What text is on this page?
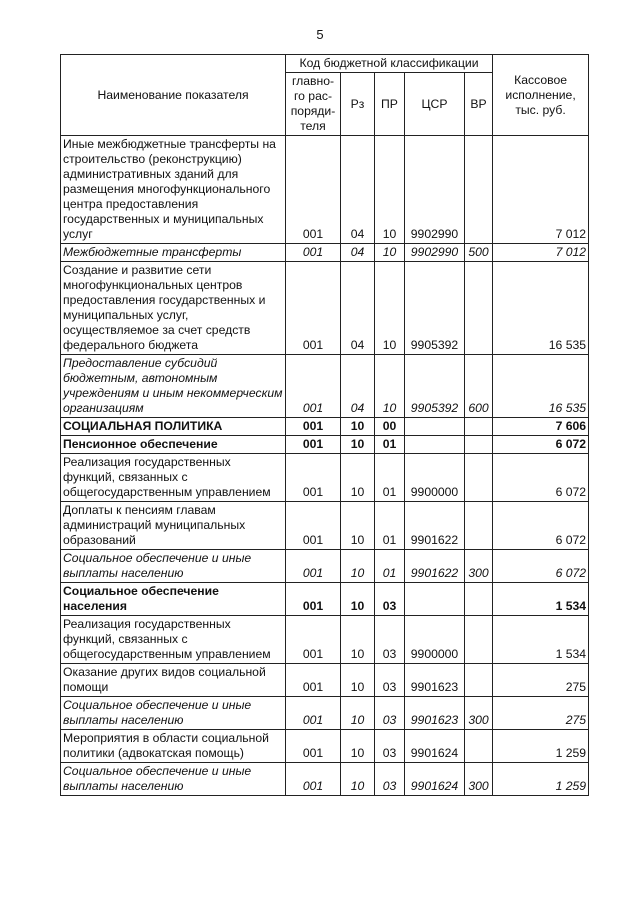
5
Наименование показателя	Код бюджетной классификации					Кассовое
исполнение,
тыс. руб.

	главно-
го рас-
поряди-
теля	Рз	ПР	ЦСР	ВР	
Иные межбюджетные трансферты на строительство (реконструкцию) административных зданий для размещения многофункционального центра предоставления государственных и муниципальных услуг	001	04	10	9902990		7 012
Межбюджетные трансферты	001	04	10	9902990	500	7 012
Создание и развитие сети многофункциональных центров предоставления государственных и муниципальных услуг, осуществляемое за счет средств федерального бюджета	001	04	10	9905392		16 535
Предоставление субсидий бюджетным, автономным учреждениям и иным некоммерческим организациям	001	04	10	9905392	600	16 535
СОЦИАЛЬНАЯ ПОЛИТИКА	001	10	00			7 606
Пенсионное обеспечение	001	10	01			6 072
Реализация государственных функций, связанных с общегосударственным управлением	001	10	01	9900000		6 072
Доплаты к пенсиям главам администраций муниципальных образований	001	10	01	9901622		6 072
Социальное обеспечение и иные выплаты населению	001	10	01	9901622	300	6 072
Социальное обеспечение населения	001	10	03			1 534
Реализация государственных функций, связанных с общегосударственным управлением	001	10	03	9900000		1 534
Оказание других видов социальной помощи	001	10	03	9901623		275
Социальное обеспечение и иные выплаты населению	001	10	03	9901623	300	275
Мероприятия в области социальной политики (адвокатская помощь)	001	10	03	9901624		1 259
Социальное обеспечение и иные выплаты населению	001	10	03	9901624	300	1 259
